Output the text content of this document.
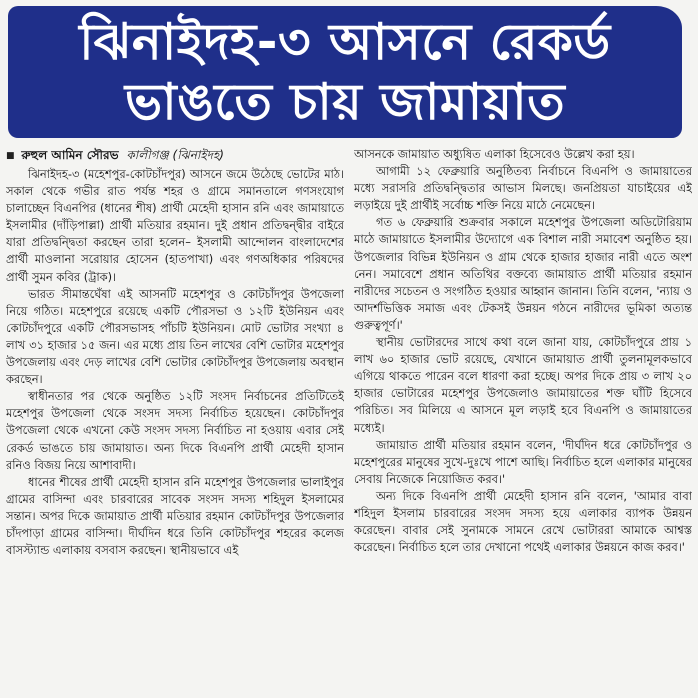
ঝিনাইদহ-৩ আসনে রেকর্ড
ভাঙতে চায় জামায়াত
■ রুহুল আমিন সৌরভ কালীগঞ্জ (ঝিনাইদহ)

ঝিনাইদহ-৩ (মহেশপুর-কোটচাঁদপুর) আসনে জমে উঠেছে ভোটের মাঠ। সকাল থেকে গভীর রাত পর্যন্ত শহর ও গ্রামে সমানতালে গণসংযোগ চালাচ্ছেন বিএনপির (ধানের শীষ) প্রার্থী মেহেদী হাসান রনি এবং জামায়াতে ইসলামীর (দাঁড়িপাল্লা) প্রার্থী মতিয়ার রহমান। দুই প্রধান প্রতিদ্বন্দ্বীর বাইরে যারা প্রতিদ্বন্দ্বিতা করছেন তারা হলেন– ইসলামী আন্দোলন বাংলাদেশের প্রার্থী মাওলানা সরোয়ার হোসেন (হাতপাখা) এবং গণঅধিকার পরিষদের প্রার্থী সুমন কবির (ট্রাক)।

ভারত সীমান্তঘেঁষা এই আসনটি মহেশপুর ও কোটচাঁদপুর উপজেলা নিয়ে গঠিত। মহেশপুরে রয়েছে একটি পৌরসভা ও ১২টি ইউনিয়ন এবং কোটচাঁদপুরে একটি পৌরসভাসহ পাঁচটি ইউনিয়ন। মোট ভোটার সংখ্যা ৪ লাখ ৩১ হাজার ১৫ জন। এর মধ্যে প্রায় তিন লাখের বেশি ভোটার মহেশপুর উপজেলায় এবং দেড় লাখের বেশি ভোটার কোটচাঁদপুর উপজেলায় অবস্থান করছেন।

স্বাধীনতার পর থেকে অনুষ্ঠিত ১২টি সংসদ নির্বাচনের প্রতিটিতেই মহেশপুর উপজেলা থেকে সংসদ সদস্য নির্বাচিত হয়েছেন। কোটচাঁদপুর উপজেলা থেকে এখনো কেউ সংসদ সদস্য নির্বাচিত না হওয়ায় এবার সেই রেকর্ড ভাঙতে চায় জামায়াত। অন্য দিকে বিএনপি প্রার্থী মেহেদী হাসান রনিও বিজয় নিয়ে আশাবাদী।

ধানের শীষের প্রার্থী মেহেদী হাসান রনি মহেশপুর উপজেলার ভালাইপুর গ্রামের বাসিন্দা এবং চারবারের সাবেক সংসদ সদস্য শহিদুল ইসলামের সন্তান। অপর দিকে জামায়াত প্রার্থী মতিয়ার রহমান কোটচাঁদপুর উপজেলার চাঁদপাড়া গ্রামের বাসিন্দা। দীর্ঘদিন ধরে তিনি কোটচাঁদপুর শহরের কলেজ বাসস্ট্যান্ড এলাকায় বসবাস করছেন। স্থানীয়ভাবে এই

আসনকে জামায়াত অধ্যুষিত এলাকা হিসেবেও উল্লেখ করা হয়।

আগামী ১২ ফেব্রুয়ারি অনুষ্ঠিতব্য নির্বাচনে বিএনপি ও জামায়াতের মধ্যে সরাসরি প্রতিদ্বন্দ্বিতার আভাস মিলছে। জনপ্রিয়তা যাচাইয়ের এই লড়াইয়ে দুই প্রার্থীই সর্বোচ্চ শক্তি নিয়ে মাঠে নেমেছেন।

গত ৬ ফেব্রুয়ারি শুক্রবার সকালে মহেশপুর উপজেলা অডিটোরিয়াম মাঠে জামায়াতে ইসলামীর উদ্যোগে এক বিশাল নারী সমাবেশ অনুষ্ঠিত হয়। উপজেলার বিভিন্ন ইউনিয়ন ও গ্রাম থেকে হাজার হাজার নারী এতে অংশ নেন। সমাবেশে প্রধান অতিথির বক্তব্যে জামায়াত প্রার্থী মতিয়ার রহমান নারীদের সচেতন ও সংগঠিত হওয়ার আহ্বান জানান। তিনি বলেন, 'ন্যায় ও আদর্শভিত্তিক সমাজ এবং টেকসই উন্নয়ন গঠনে নারীদের ভূমিকা অত্যন্ত গুরুত্বপূর্ণ।'

স্থানীয় ভোটারদের সাথে কথা বলে জানা যায়, কোটচাঁদপুরে প্রায় ১ লাখ ৬০ হাজার ভোট রয়েছে, যেখানে জামায়াত প্রার্থী তুলনামূলকভাবে এগিয়ে থাকতে পারেন বলে ধারণা করা হচ্ছে। অপর দিকে প্রায় ৩ লাখ ২০ হাজার ভোটারের মহেশপুর উপজেলাও জামায়াতের শক্ত ঘাঁটি হিসেবে পরিচিত। সব মিলিয়ে এ আসনে মূল লড়াই হবে বিএনপি ও জামায়াতের মধ্যেই।

জামায়াত প্রার্থী মতিয়ার রহমান বলেন, 'দীর্ঘদিন ধরে কোটচাঁদপুর ও মহেশপুরের মানুষের সুখে-দুঃখে পাশে আছি। নির্বাচিত হলে এলাকার মানুষের সেবায় নিজেকে নিয়োজিত করব।'

অন্য দিকে বিএনপি প্রার্থী মেহেদী হাসান রনি বলেন, 'আমার বাবা শহিদুল ইসলাম চারবারের সংসদ সদস্য হয়ে এলাকার ব্যাপক উন্নয়ন করেছেন। বাবার সেই সুনামকে সামনে রেখে ভোটাররা আমাকে আশ্বস্ত করেছেন। নির্বাচিত হলে তার দেখানো পথেই এলাকার উন্নয়নে কাজ করব।'
